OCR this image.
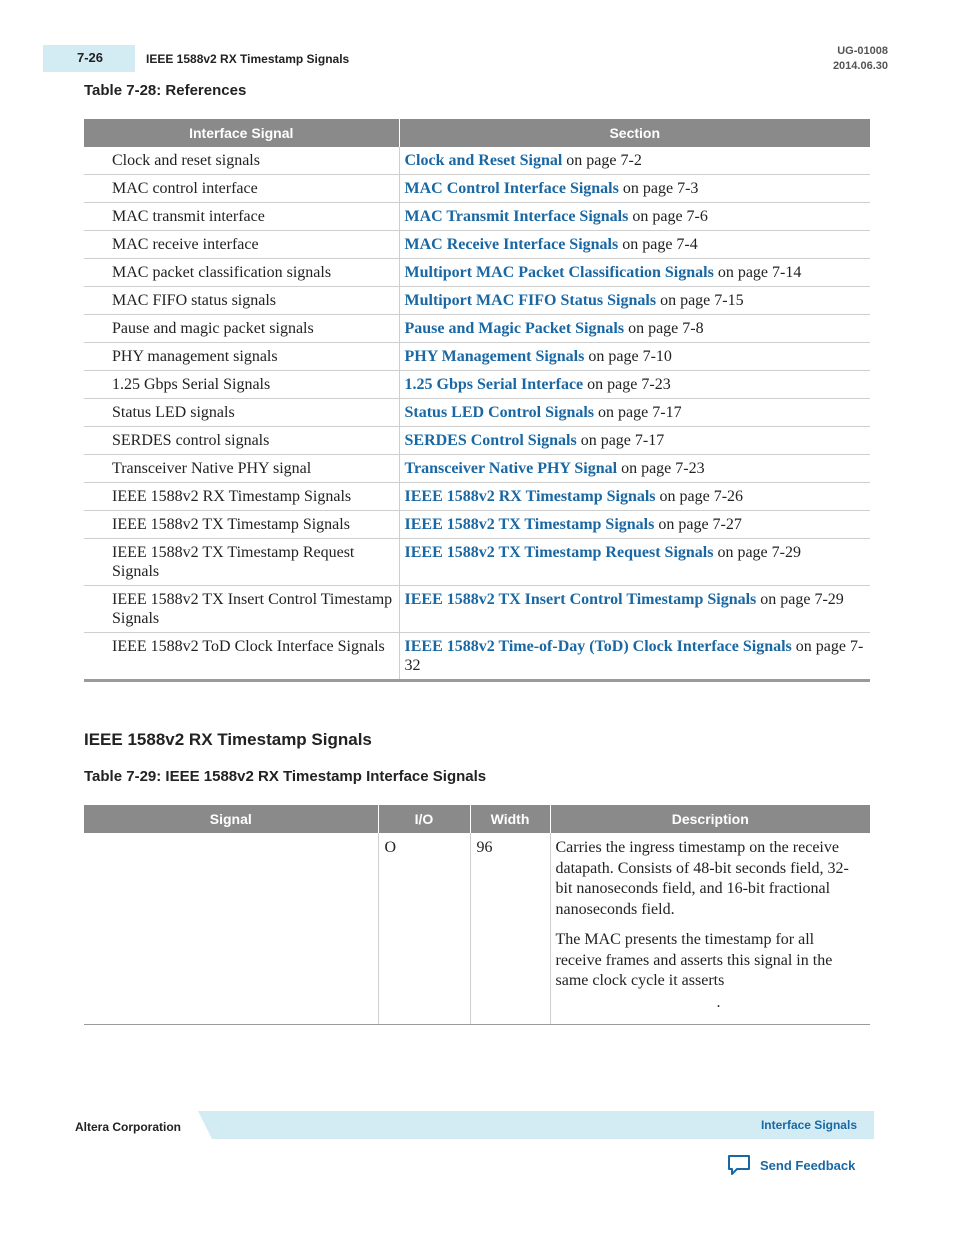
7-26	IEEE 1588v2 RX Timestamp Signals
UG-01008
2014.06.30
Table 7-28: References
Interface Signal	Section
Clock and reset signals	Clock and Reset Signal on page 7-2
MAC control interface	MAC Control Interface Signals on page 7-3
MAC transmit interface	MAC Transmit Interface Signals on page 7-6
MAC receive interface	MAC Receive Interface Signals on page 7-4
MAC packet classification signals	Multiport MAC Packet Classification Signals on page 7-14
MAC FIFO status signals	Multiport MAC FIFO Status Signals on page 7-15
Pause and magic packet signals	Pause and Magic Packet Signals on page 7-8
PHY management signals	PHY Management Signals on page 7-10
1.25 Gbps Serial Signals	1.25 Gbps Serial Interface on page 7-23
Status LED signals	Status LED Control Signals on page 7-17
SERDES control signals	SERDES Control Signals on page 7-17
Transceiver Native PHY signal	Transceiver Native PHY Signal on page 7-23
IEEE 1588v2 RX Timestamp Signals	IEEE 1588v2 RX Timestamp Signals on page 7-26
IEEE 1588v2 TX Timestamp Signals	IEEE 1588v2 TX Timestamp Signals on page 7-27
IEEE 1588v2 TX Timestamp Request Signals	IEEE 1588v2 TX Timestamp Request Signals on page 7-29
IEEE 1588v2 TX Insert Control Timestamp Signals	IEEE 1588v2 TX Insert Control Timestamp Signals on page 7-29
IEEE 1588v2 ToD Clock Interface Signals	IEEE 1588v2 Time-of-Day (ToD) Clock Interface Signals on page 7-32
IEEE 1588v2 RX Timestamp Signals
Table 7-29: IEEE 1588v2 RX Timestamp Interface Signals
Signal	I/O	Width	Description
	O	96	Carries the ingress timestamp on the receive datapath. Consists of 48-bit seconds field, 32-bit nanoseconds field, and 16-bit fractional nanoseconds field.

The MAC presents the timestamp for all receive frames and asserts this signal in the same clock cycle it asserts

.
Altera Corporation	Interface Signals
Send Feedback
